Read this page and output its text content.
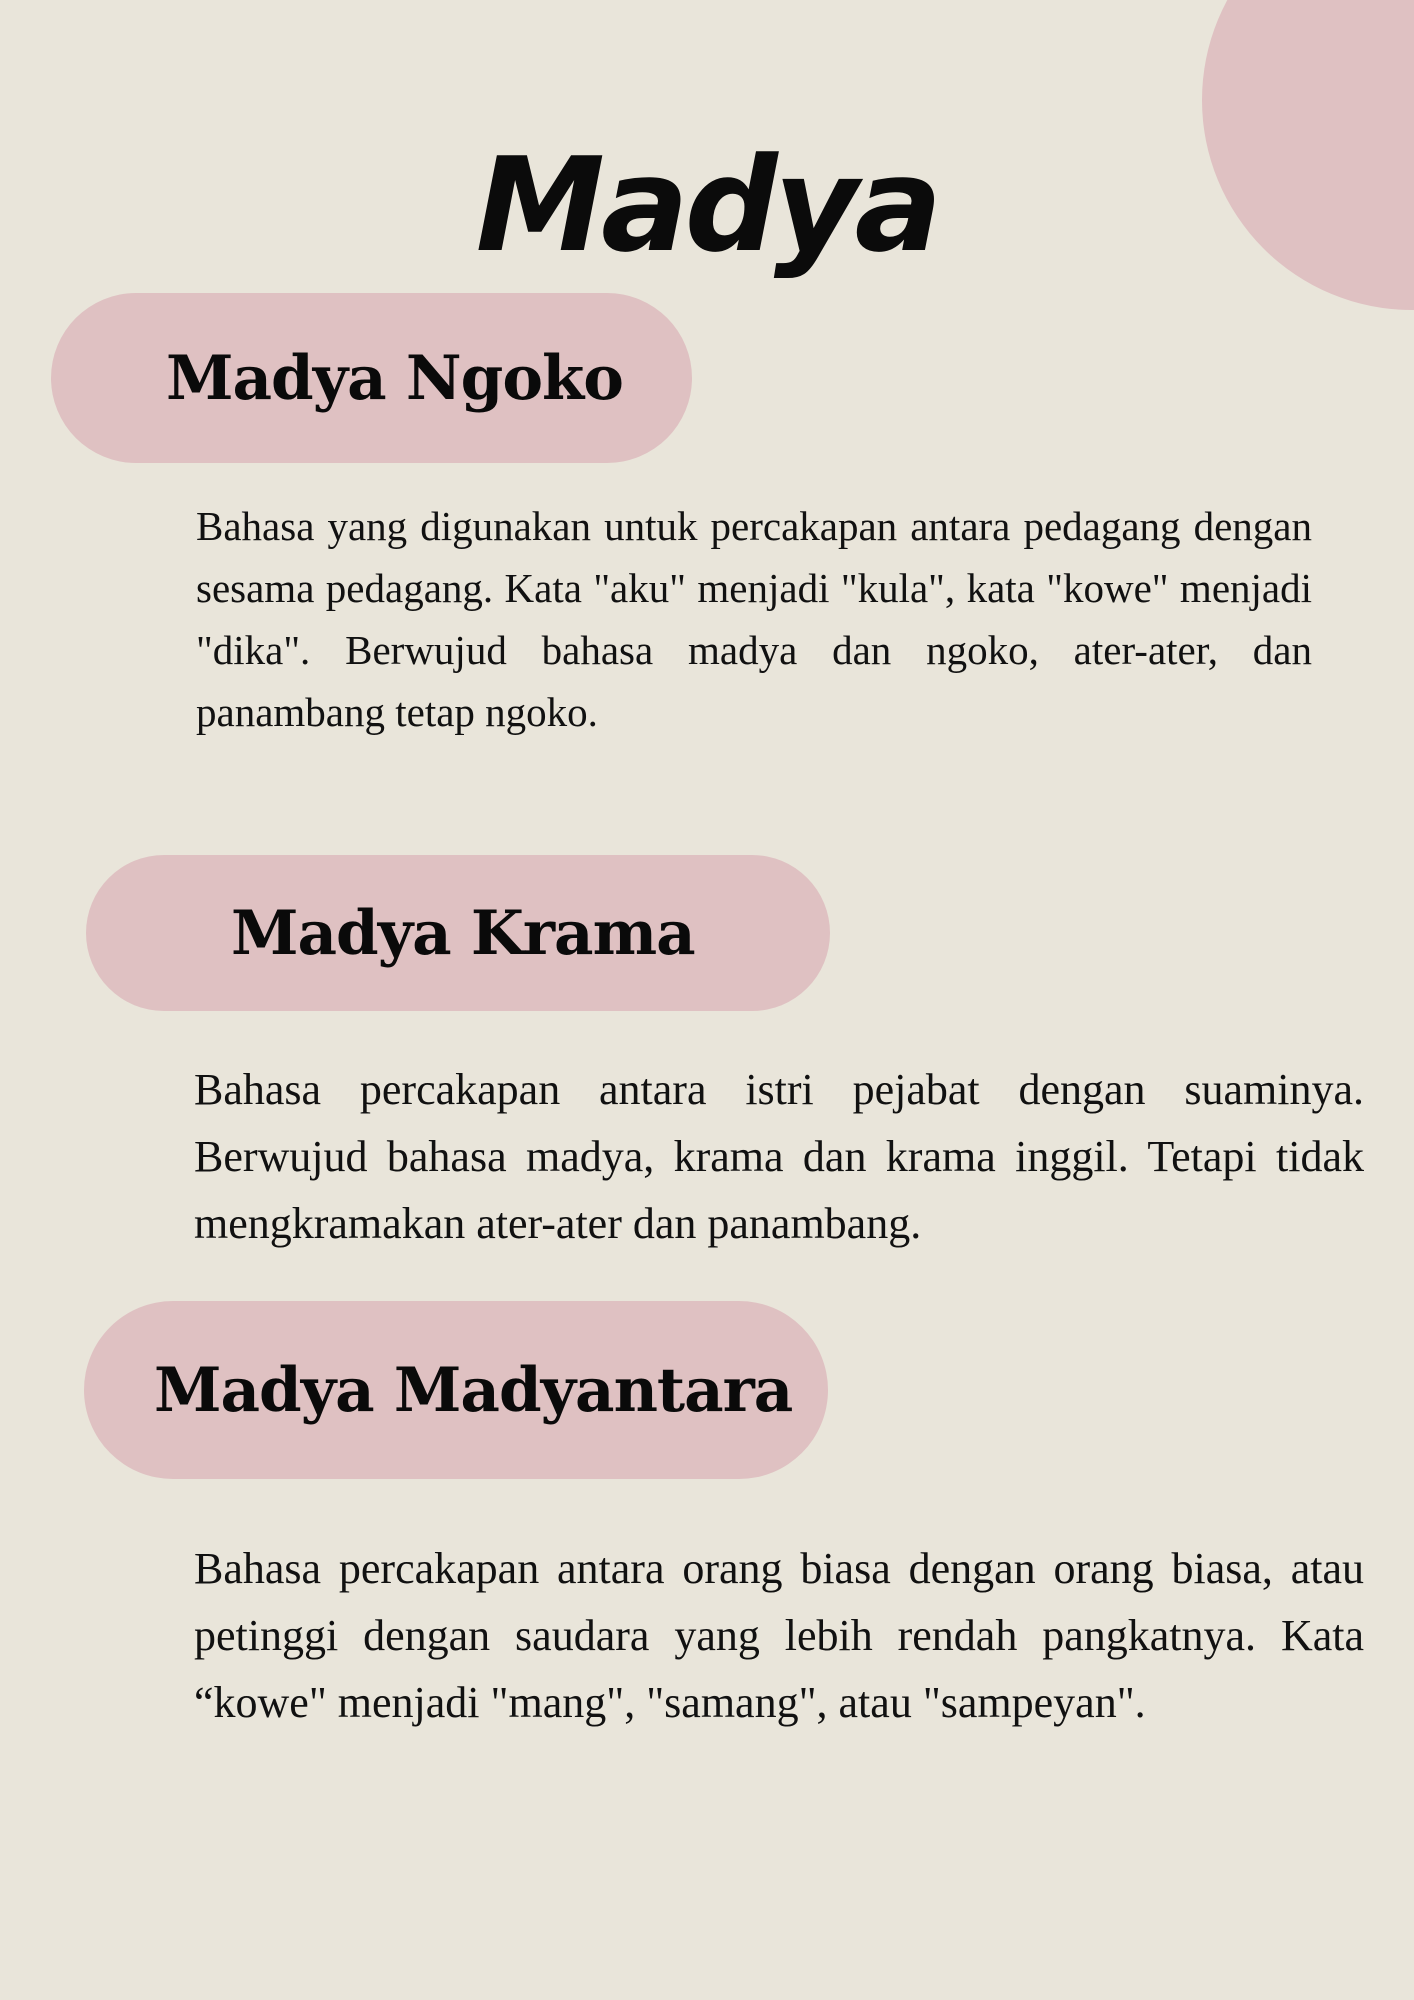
Madya
Madya Ngoko

Bahasa yang digunakan untuk percakapan antara pedagang dengan sesama pedagang. Kata "aku" menjadi "kula", kata "kowe" menjadi "dika". Berwujud bahasa madya dan ngoko, ater-ater, dan panambang tetap ngoko.

Madya Krama

Bahasa percakapan antara istri pejabat dengan suaminya. Berwujud bahasa madya, krama dan krama inggil. Tetapi tidak mengkramakan ater-ater dan panambang.

Madya Madyantara

Bahasa percakapan antara orang biasa dengan orang biasa, atau petinggi dengan saudara yang lebih rendah pangkatnya. Kata “kowe" menjadi "mang", "samang", atau "sampeyan".
